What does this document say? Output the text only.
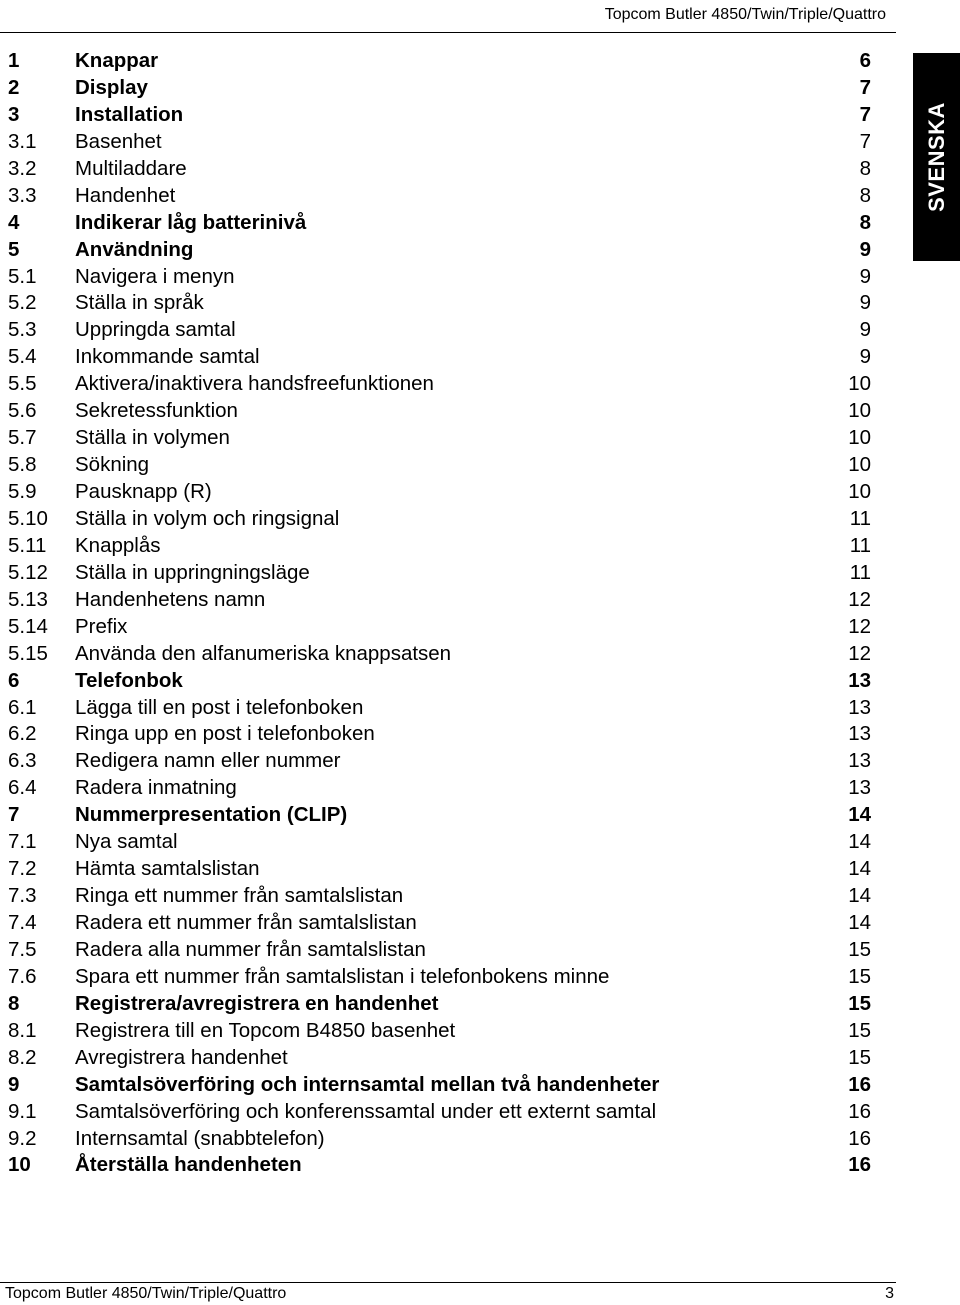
Topcom Butler 4850/Twin/Triple/Quattro
1	Knappar	6
2	Display	7
3	Installation	7
3.1 Basenhet	7
3.2 Multiladdare	8
3.3 Handenhet	8
4	Indikerar låg batterinivå	8
5	Användning	9
5.1 Navigera i menyn	9
5.2 Ställa in språk	9
5.3 Uppringda samtal	9
5.4 Inkommande samtal	9
5.5 Aktivera/inaktivera handsfreefunktionen	10
5.6 Sekretessfunktion	10
5.7 Ställa in volymen	10
5.8 Sökning	10
5.9 Pausknapp (R)	10
5.10 Ställa in volym och ringsignal	11
5.11 Knapplås	11
5.12 Ställa in uppringningsläge	11
5.13 Handenhetens namn	12
5.14 Prefix	12
5.15 Använda den alfanumeriska knappsatsen	12
6	Telefonbok	13
6.1 Lägga till en post i telefonboken	13
6.2 Ringa upp en post i telefonboken	13
6.3 Redigera namn eller nummer	13
6.4 Radera inmatning	13
7	Nummerpresentation (CLIP)	14
7.1 Nya samtal	14
7.2 Hämta samtalslistan	14
7.3 Ringa ett nummer från samtalslistan	14
7.4 Radera ett nummer från samtalslistan	14
7.5 Radera alla nummer från samtalslistan	15
7.6 Spara ett nummer från samtalslistan i telefonbokens minne	15
8	Registrera/avregistrera en handenhet	15
8.1 Registrera till en Topcom B4850 basenhet	15
8.2 Avregistrera handenhet	15
9	Samtalsöverföring och internsamtal mellan två handenheter	16
9.1 Samtalsöverföring och konferenssamtal under ett externt samtal	16
9.2 Internsamtal (snabbtelefon)	16
10 Återställa handenheten	16
SVENSKA
Topcom Butler 4850/Twin/Triple/Quattro	3
